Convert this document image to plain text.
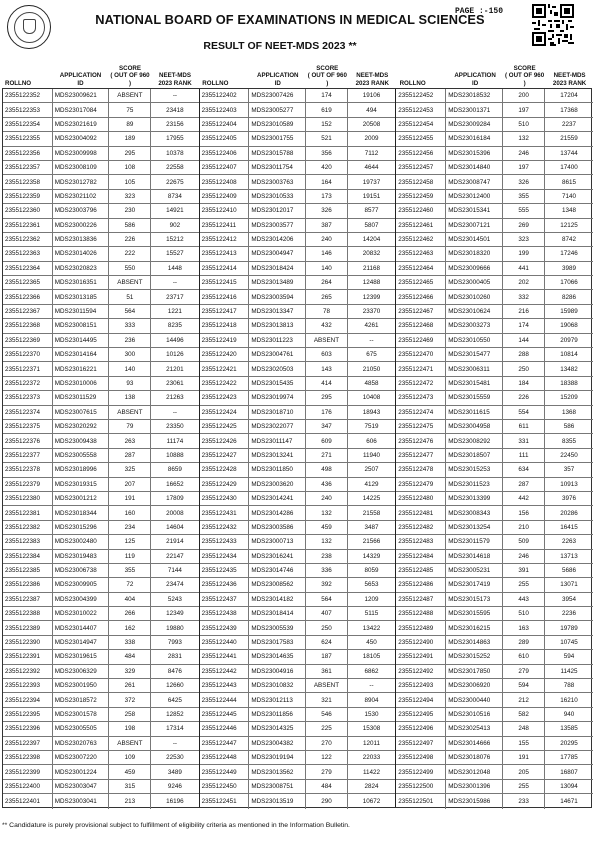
PAGE :-150
NATIONAL BOARD OF EXAMINATIONS IN MEDICAL SCIENCES
RESULT OF NEET-MDS 2023 **
ROLLNO
APPLICATION
ID
SCORE
( OUT OF 960 )
NEET-MDS
2023 RANK	ROLLNO
APPLICATION
ID
SCORE
( OUT OF 960 )
NEET-MDS
2023 RANK	ROLLNO
APPLICATION
ID
SCORE
( OUT OF 960 )
NEET-MDS
2023 RANK
2355122352	MDS23009621	ABSENT	--
2355122353	MDS23017084	75	23418
2355122354	MDS23021619	89	23156
2355122355	MDS23004092	189	17955
2355122356	MDS23009998	295	10378
2355122357	MDS23008109	108	22558
2355122358	MDS23012782	105	22675
2355122359	MDS23021102	323	8734
2355122360	MDS23003796	230	14921
2355122361	MDS23000226	586	902
2355122362	MDS23013836	226	15212
2355122363	MDS23014026	222	15527
2355122364	MDS23020823	550	1448
2355122365	MDS23016351	ABSENT	--
2355122366	MDS23013185	51	23717
2355122367	MDS23011594	564	1221
2355122368	MDS23008151	333	8235
2355122369	MDS23014495	236	14496
2355122370	MDS23014164	300	10126
2355122371	MDS23016221	140	21201
2355122372	MDS23010006	93	23061
2355122373	MDS23011529	138	21263
2355122374	MDS23007615	ABSENT	--
2355122375	MDS23020292	79	23350
2355122376	MDS23009438	263	11174
2355122377	MDS23005558	287	10888
2355122378	MDS23018996	325	8659
2355122379	MDS23019315	207	16652
2355122380	MDS23001212	191	17809
2355122381	MDS23018344	160	20008
2355122382	MDS23015296	234	14604
2355122383	MDS23002480	125	21914
2355122384	MDS23019483	119	22147
2355122385	MDS23006738	355	7144
2355122386	MDS23009905	72	23474
2355122387	MDS23004399	404	5243
2355122388	MDS23010022	266	12349
2355122389	MDS23014407	162	19880
2355122390	MDS23014947	338	7993
2355122391	MDS23019615	484	2831
2355122392	MDS23006329	329	8476
2355122393	MDS23001950	261	12660
2355122394	MDS23018572	372	6425
2355122395	MDS23001578	258	12852
2355122396	MDS23005505	198	17314
2355122397	MDS23020763	ABSENT	--
2355122398	MDS23007220	109	22530
2355122399	MDS23001224	459	3489
2355122400	MDS23003047	315	9246
2355122401	MDS23003041	213	16196
2355122402	MDS23007426	174	19106
2355122403	MDS23005277	619	494
2355122404	MDS23010589	152	20508
2355122405	MDS23001755	521	2009
2355122406	MDS23015788	356	7112
2355122407	MDS23011754	420	4644
2355122408	MDS23003763	164	19737
2355122409	MDS23010533	173	19151
2355122410	MDS23012017	326	8577
2355122411	MDS23003577	387	5807
2355122412	MDS23014206	240	14204
2355122413	MDS23004947	146	20832
2355122414	MDS23018424	140	21168
2355122415	MDS23013489	264	12488
2355122416	MDS23003594	265	12399
2355122417	MDS23013347	78	23370
2355122418	MDS23013813	432	4261
2355122419	MDS23011223	ABSENT	--
2355122420	MDS23004761	603	675
2355122421	MDS23020503	143	21050
2355122422	MDS23015435	414	4858
2355122423	MDS23019974	295	10408
2355122424	MDS23018710	176	18943
2355122425	MDS23022077	347	7519
2355122426	MDS23011147	609	606
2355122427	MDS23013241	271	11940
2355122428	MDS23011850	498	2507
2355122429	MDS23003620	436	4129
2355122430	MDS23014241	240	14225
2355122431	MDS23014286	132	21558
2355122432	MDS23003586	459	3487
2355122433	MDS23000713	132	21566
2355122434	MDS23016241	238	14329
2355122435	MDS23014746	336	8059
2355122436	MDS23008562	392	5653
2355122437	MDS23014182	564	1209
2355122438	MDS23018414	407	5115
2355122439	MDS23005539	250	13422
2355122440	MDS23017583	624	450
2355122441	MDS23014635	187	18105
2355122442	MDS23004916	361	6862
2355122443	MDS23010832	ABSENT	--
2355122444	MDS23012113	321	8904
2355122445	MDS23011856	546	1530
2355122446	MDS23014325	225	15308
2355122447	MDS23004382	270	12011
2355122448	MDS23019194	122	22033
2355122449	MDS23013562	279	11422
2355122450	MDS23008751	484	2824
2355122451	MDS23013519	290	10672
2355122452	MDS23018532	200	17204
2355122453	MDS23001371	197	17368
2355122454	MDS23009284	510	2237
2355122455	MDS23016184	132	21559
2355122456	MDS23015396	246	13744
2355122457	MDS23014840	197	17400
2355122458	MDS23008747	326	8615
2355122459	MDS23012400	355	7140
2355122460	MDS23015341	555	1348
2355122461	MDS23007121	269	12125
2355122462	MDS23014501	323	8742
2355122463	MDS23018320	199	17246
2355122464	MDS23009666	441	3989
2355122465	MDS23000405	202	17066
2355122466	MDS23010260	332	8286
2355122467	MDS23010624	216	15989
2355122468	MDS23003273	174	19068
2355122469	MDS23010550	144	20979
2355122470	MDS23015477	288	10814
2355122471	MDS23006311	250	13482
2355122472	MDS23015481	184	18388
2355122473	MDS23015559	226	15209
2355122474	MDS23011615	554	1368
2355122475	MDS23004958	611	586
2355122476	MDS23008292	331	8355
2355122477	MDS23018507	111	22450
2355122478	MDS23015253	634	357
2355122479	MDS23011523	287	10913
2355122480	MDS23013399	442	3976
2355122481	MDS23008343	156	20286
2355122482	MDS23013254	210	16415
2355122483	MDS23011579	509	2263
2355122484	MDS23014618	246	13713
2355122485	MDS23005231	391	5686
2355122486	MDS23017419	255	13071
2355122487	MDS23015173	443	3954
2355122488	MDS23015595	510	2236
2355122489	MDS23016215	163	19789
2355122490	MDS23014863	289	10745
2355122491	MDS23015252	610	594
2355122492	MDS23017850	279	11425
2355122493	MDS23006920	594	788
2355122494	MDS23000440	212	16210
2355122495	MDS23010516	582	940
2355122496	MDS23025413	248	13585
2355122497	MDS23014666	155	20295
2355122498	MDS23018076	191	17785
2355122499	MDS23012048	205	16807
2355122500	MDS23001396	255	13094
2355122501	MDS23015986	233	14671
** Candidature is purely provisional subject to fulfillment of eligibility criteria as mentioned in the Information Bulletin.
